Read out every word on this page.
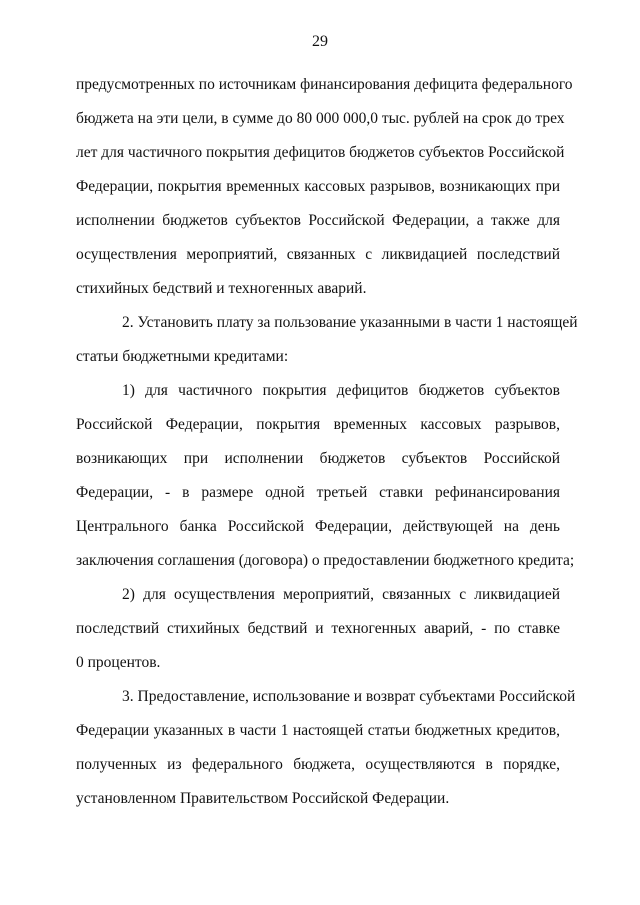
29
предусмотренных по источникам финансирования дефицита федерального
бюджета на эти цели, в сумме до 80 000 000,0 тыс. рублей на срок до трех
лет для частичного покрытия дефицитов бюджетов субъектов Российской
Федерации, покрытия временных кассовых разрывов, возникающих при
исполнении бюджетов субъектов Российской Федерации, а также для
осуществления мероприятий, связанных с ликвидацией последствий
стихийных бедствий и техногенных аварий.
2. Установить плату за пользование указанными в части 1 настоящей
статьи бюджетными кредитами:
1) для частичного покрытия дефицитов бюджетов субъектов
Российской Федерации, покрытия временных кассовых разрывов,
возникающих при исполнении бюджетов субъектов Российской
Федерации, - в размере одной третьей ставки рефинансирования
Центрального банка Российской Федерации, действующей на день
заключения соглашения (договора) о предоставлении бюджетного кредита;
2) для осуществления мероприятий, связанных с ликвидацией
последствий стихийных бедствий и техногенных аварий, - по ставке
0 процентов.
3. Предоставление, использование и возврат субъектами Российской
Федерации указанных в части 1 настоящей статьи бюджетных кредитов,
полученных из федерального бюджета, осуществляются в порядке,
установленном Правительством Российской Федерации.
